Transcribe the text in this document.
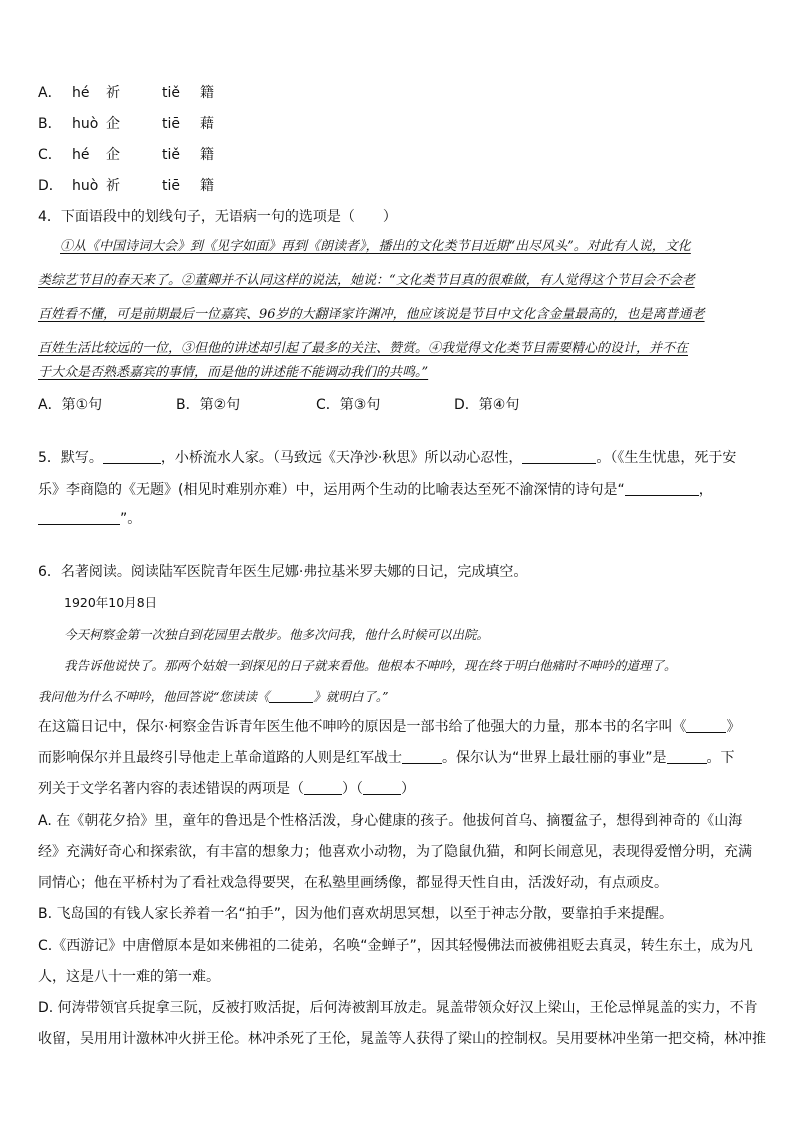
A． hé 祈	tiě 籍
B． huò 企	tiē 藉
C． hé 企	tiě 籍
D． huò 祈	tiē 籍
4．下面语段中的划线句子，无语病一句的选项是（　　）
①从《中国诗词大会》到《见字如面》再到《朗读者》，播出的文化类节目近期“出尽风头”。对此有人说，文化
类综艺节目的春天来了。②董卿并不认同这样的说法，她说：“文化类节目真的很难做，有人觉得这个节目会不会老
百姓看不懂，可是前期最后一位嘉宾、96岁的大翻译家许渊冲，他应该说是节目中文化含金量最高的，也是离普通老
百姓生活比较远的一位，③但他的讲述却引起了最多的关注、赞赏。④我觉得文化类节目需要精心的设计，并不在
于大众是否熟悉嘉宾的事情，而是他的讲述能不能调动我们的共鸣。”
A．第①句	B．第②句	C．第③句	D．第④句
5．默写。	，小桥流水人家。（马致远《天净沙·秋思》所以动心忍性，	。（《生生忧患，死于安
乐》李商隐的《无题》(相见时难别亦难）中，运用两个生动的比喻表达至死不渝深情的诗句是“	，
”。
6．名著阅读。阅读陆军医院青年医生尼娜·弗拉基米罗夫娜的日记，完成填空。
1920年10月8日
今天柯察金第一次独自到花园里去散步。他多次问我，他什么时候可以出院。
我告诉他说快了。那两个姑娘一到探见的日子就来看他。他根本不呻吟，现在终于明白他痛时不呻吟的道理了。
我问他为什么不呻吟，他回答说“您读读《	》就明白了。”
在这篇日记中，保尔·柯察金告诉青年医生他不呻吟的原因是一部书给了他强大的力量，那本书的名字叫《	》
而影响保尔并且最终引导他走上革命道路的人则是红军战士	。保尔认为“世界上最壮丽的事业”是	。下
列关于文学名著内容的表述错误的两项是（	）（	）
A. 在《朝花夕拾》里，童年的鲁迅是个性格活泼，身心健康的孩子。他拔何首乌、摘覆盆子，想得到神奇的《山海
经》充满好奇心和探索欲，有丰富的想象力；他喜欢小动物，为了隐鼠仇猫，和阿长闹意见，表现得爱憎分明，充满
同情心；他在平桥村为了看社戏急得要哭，在私塾里画绣像，都显得天性自由，活泼好动，有点顽皮。
B. 飞岛国的有钱人家长养着一名“拍手”，因为他们喜欢胡思冥想，以至于神志分散，要靠拍手来提醒。
C.《西游记》中唐僧原本是如来佛祖的二徒弟，名唤“金蝉子”，因其轻慢佛法而被佛祖贬去真灵，转生东土，成为凡
人，这是八十一难的第一难。
D. 何涛带领官兵捉拿三阮，反被打败活捉，后何涛被割耳放走。晁盖带领众好汉上梁山，王伦忌惮晁盖的实力，不肯
收留，吴用用计激林冲火拼王伦。林冲杀死了王伦，晁盖等人获得了梁山的控制权。吴用要林冲坐第一把交椅，林冲推
